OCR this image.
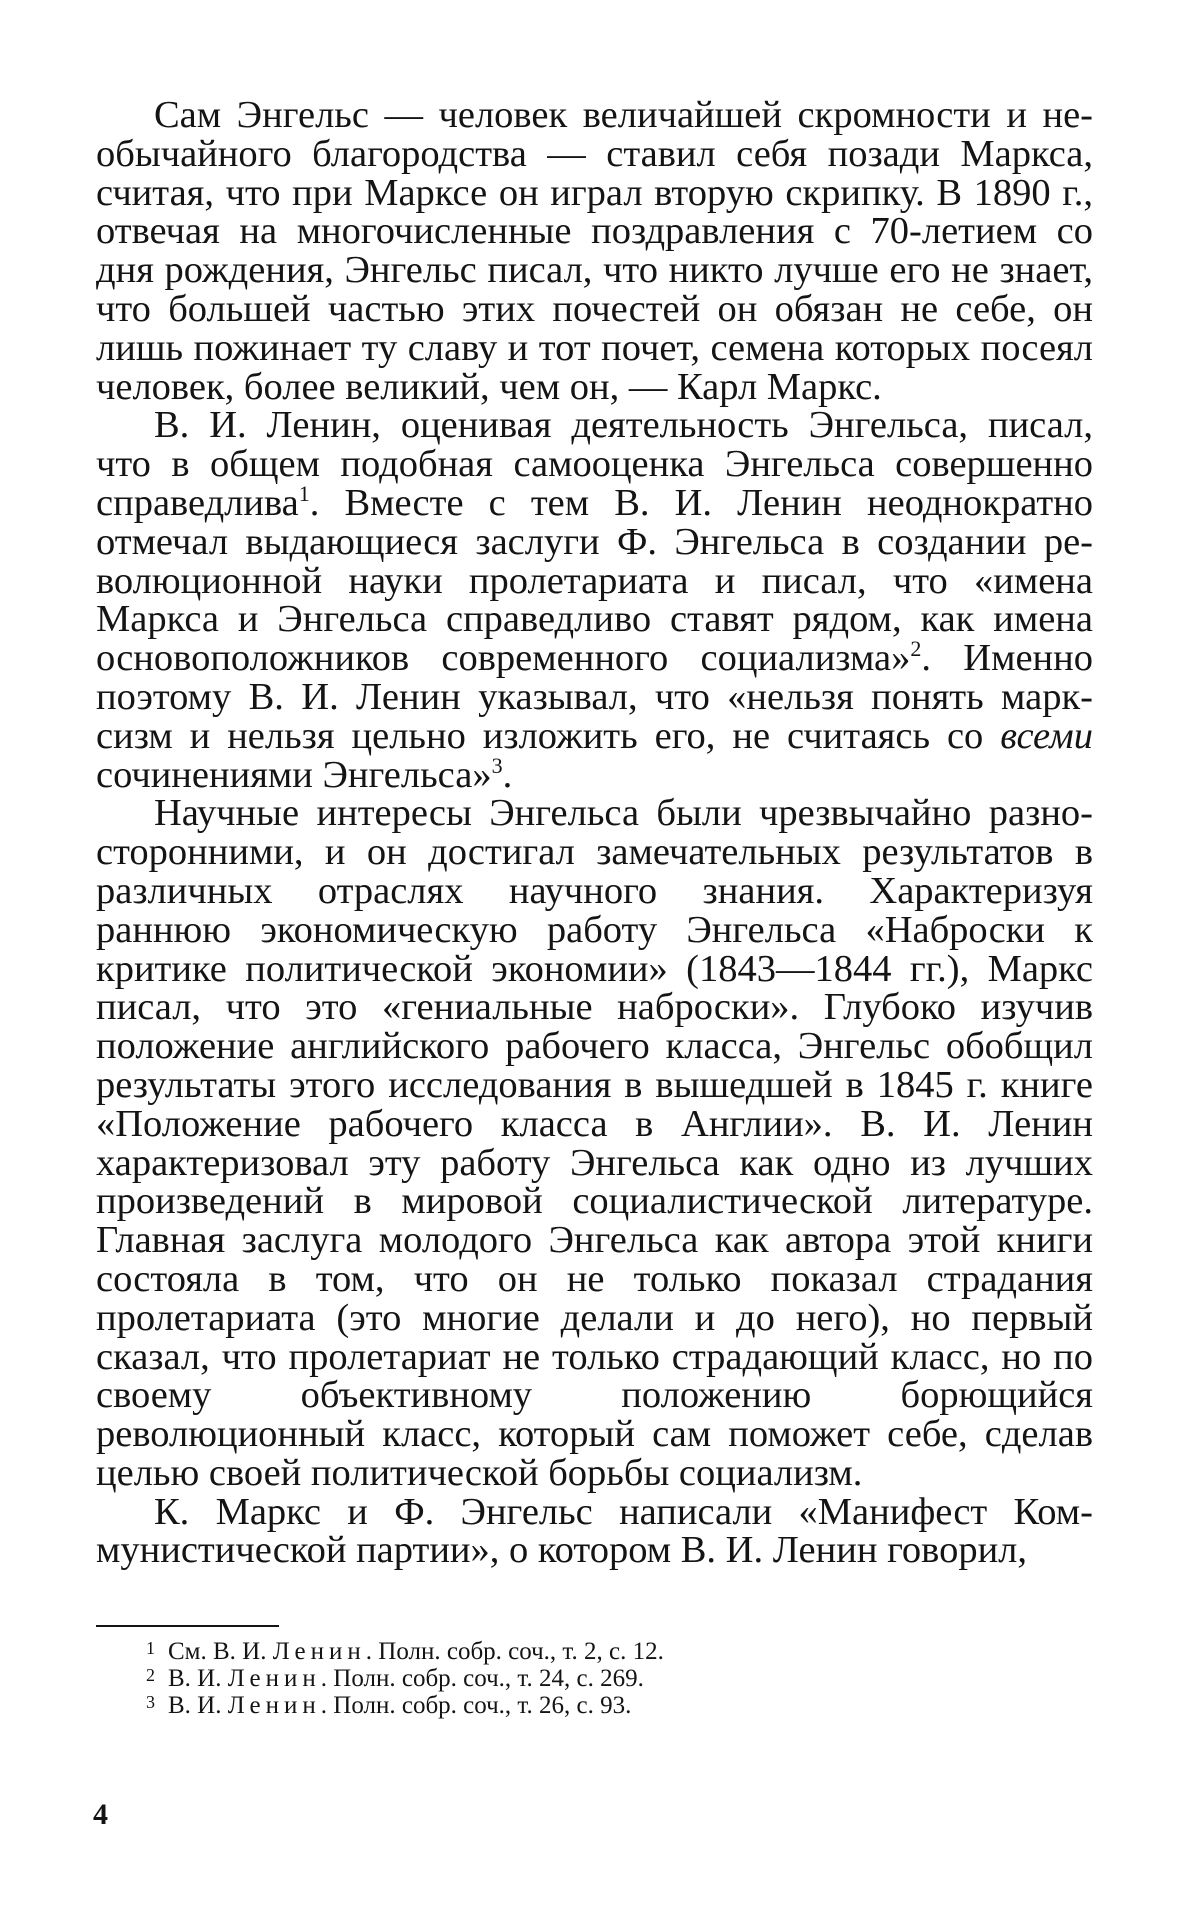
Сам Энгельс — человек величайшей скромности и необычайного благородства — ставил себя позади Маркса, считая, что при Марксе он играл вторую скрипку. В 1890 г., отвечая на многочисленные поздравления с 70-летием со дня рождения, Энгельс писал, что никто лучше его не знает, что большей частью этих почестей он обязан не себе, он лишь пожинает ту славу и тот почет, семена которых посеял человек, более великий, чем он, — Карл Маркс.

В. И. Ленин, оценивая деятельность Энгельса, писал, что в общем подобная самооценка Энгельса совершенно справедлива$^1$. Вместе с тем В. И. Ленин неоднократно отмечал выдающиеся заслуги Ф. Энгельса в создании революционной науки пролетариата и писал, что «имена Маркса и Энгельса справедливо ставят рядом, как имена основоположников современного социализма»$^2$. Именно поэтому В. И. Ленин указывал, что «нельзя понять марксизм и нельзя цельно изложить его, не считаясь со всеми сочинениями Энгельса»$^3$.

Научные интересы Энгельса были чрезвычайно разносторонними, и он достигал замечательных результатов в различных отраслях научного знания. Характеризуя раннюю экономическую работу Энгельса «Наброски к критике политической экономии» (1843—1844 гг.), Маркс писал, что это «гениальные наброски». Глубоко изучив положение английского рабочего класса, Энгельс обобщил результаты этого исследования в вышедшей в 1845 г. книге «Положение рабочего класса в Англии». В. И. Ленин характеризовал эту работу Энгельса как одно из лучших произведений в мировой социалистической литературе. Главная заслуга молодого Энгельса как автора этой книги состояла в том, что он не только показал страдания пролетариата (это многие делали и до него), но первый сказал, что пролетариат не только страдающий класс, но по своему объективному положению борющийся революционный класс, который сам поможет себе, сделав целью своей политической борьбы социализм.

К. Маркс и Ф. Энгельс написали «Манифест Коммунистической партии», о котором В. И. Ленин говорил,

1 См. В. И. Ленин. Полн. собр. соч., т. 2, с. 12.

2 В. И. Ленин. Полн. собр. соч., т. 24, с. 269.

3 В. И. Ленин. Полн. собр. соч., т. 26, с. 93.

4
